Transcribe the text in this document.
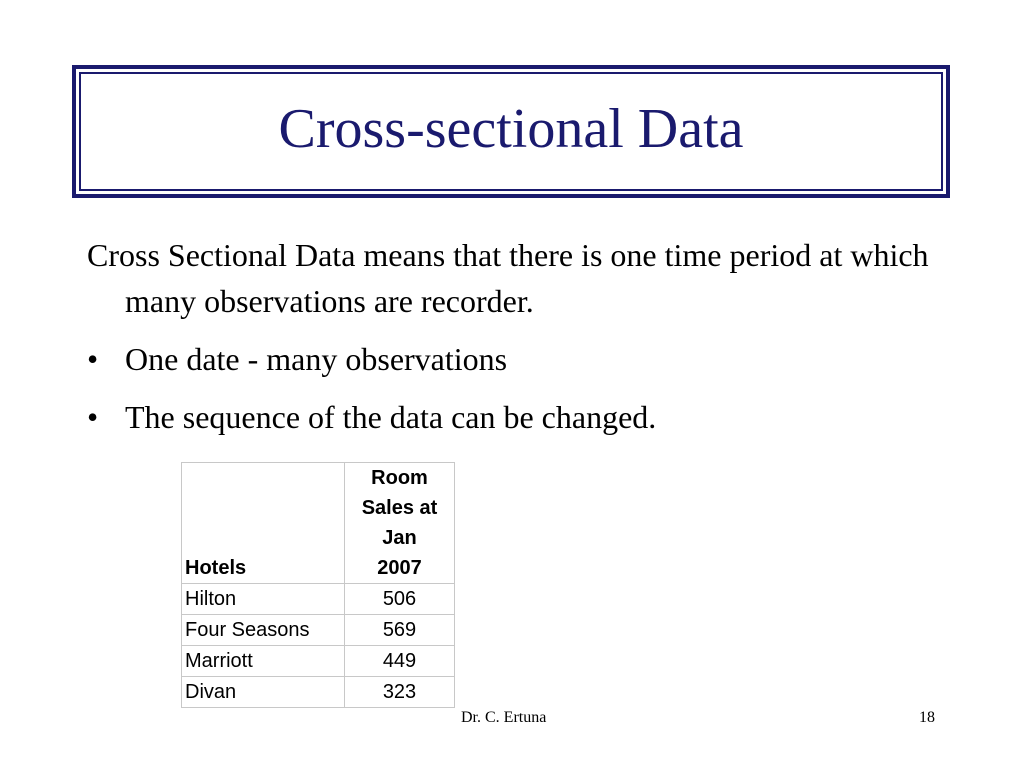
Cross-sectional Data

Cross Sectional Data means that there is one time period at which many observations are recorder.

• One date - many observations
• The sequence of the data can be changed.
Hotels	Room
Sales at
Jan
2007

Hilton	506
Four Seasons	569
Marriott	449
Divan	323
Dr. C. Ertuna	18
